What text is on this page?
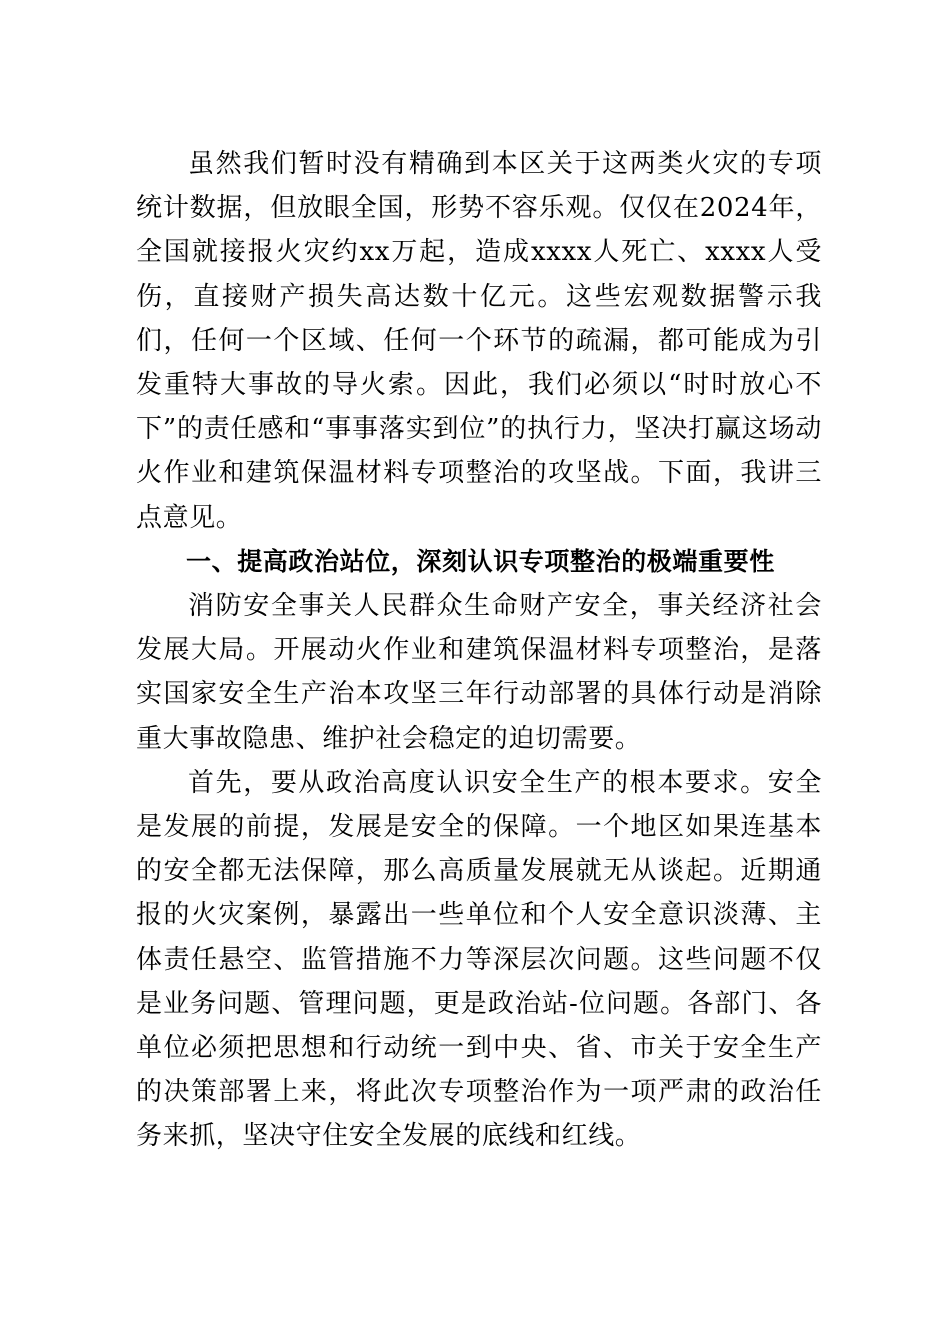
虽然我们暂时没有精确到本区关于这两类火灾的专项统计数据，但放眼全国，形势不容乐观。仅仅在2024年，全国就接报火灾约xx万起，造成xxxx人死亡、xxxx人受伤，直接财产损失高达数十亿元。这些宏观数据警示我们，任何一个区域、任何一个环节的疏漏，都可能成为引发重特大事故的导火索。因此，我们必须以“时时放心不下”的责任感和“事事落实到位”的执行力，坚决打赢这场动火作业和建筑保温材料专项整治的攻坚战。下面，我讲三点意见。

一、提高政治站位，深刻认识专项整治的极端重要性

消防安全事关人民群众生命财产安全，事关经济社会发展大局。开展动火作业和建筑保温材料专项整治，是落实国家安全生产治本攻坚三年行动部署的具体行动是消除重大事故隐患、维护社会稳定的迫切需要。

首先，要从政治高度认识安全生产的根本要求。安全是发展的前提，发展是安全的保障。一个地区如果连基本的安全都无法保障，那么高质量发展就无从谈起。近期通报的火灾案例，暴露出一些单位和个人安全意识淡薄、主体责任悬空、监管措施不力等深层次问题。这些问题不仅是业务问题、管理问题，更是政治站-位问题。各部门、各单位必须把思想和行动统一到中央、省、市关于安全生产的决策部署上来，将此次专项整治作为一项严肃的政治任务来抓，坚决守住安全发展的底线和红线。
